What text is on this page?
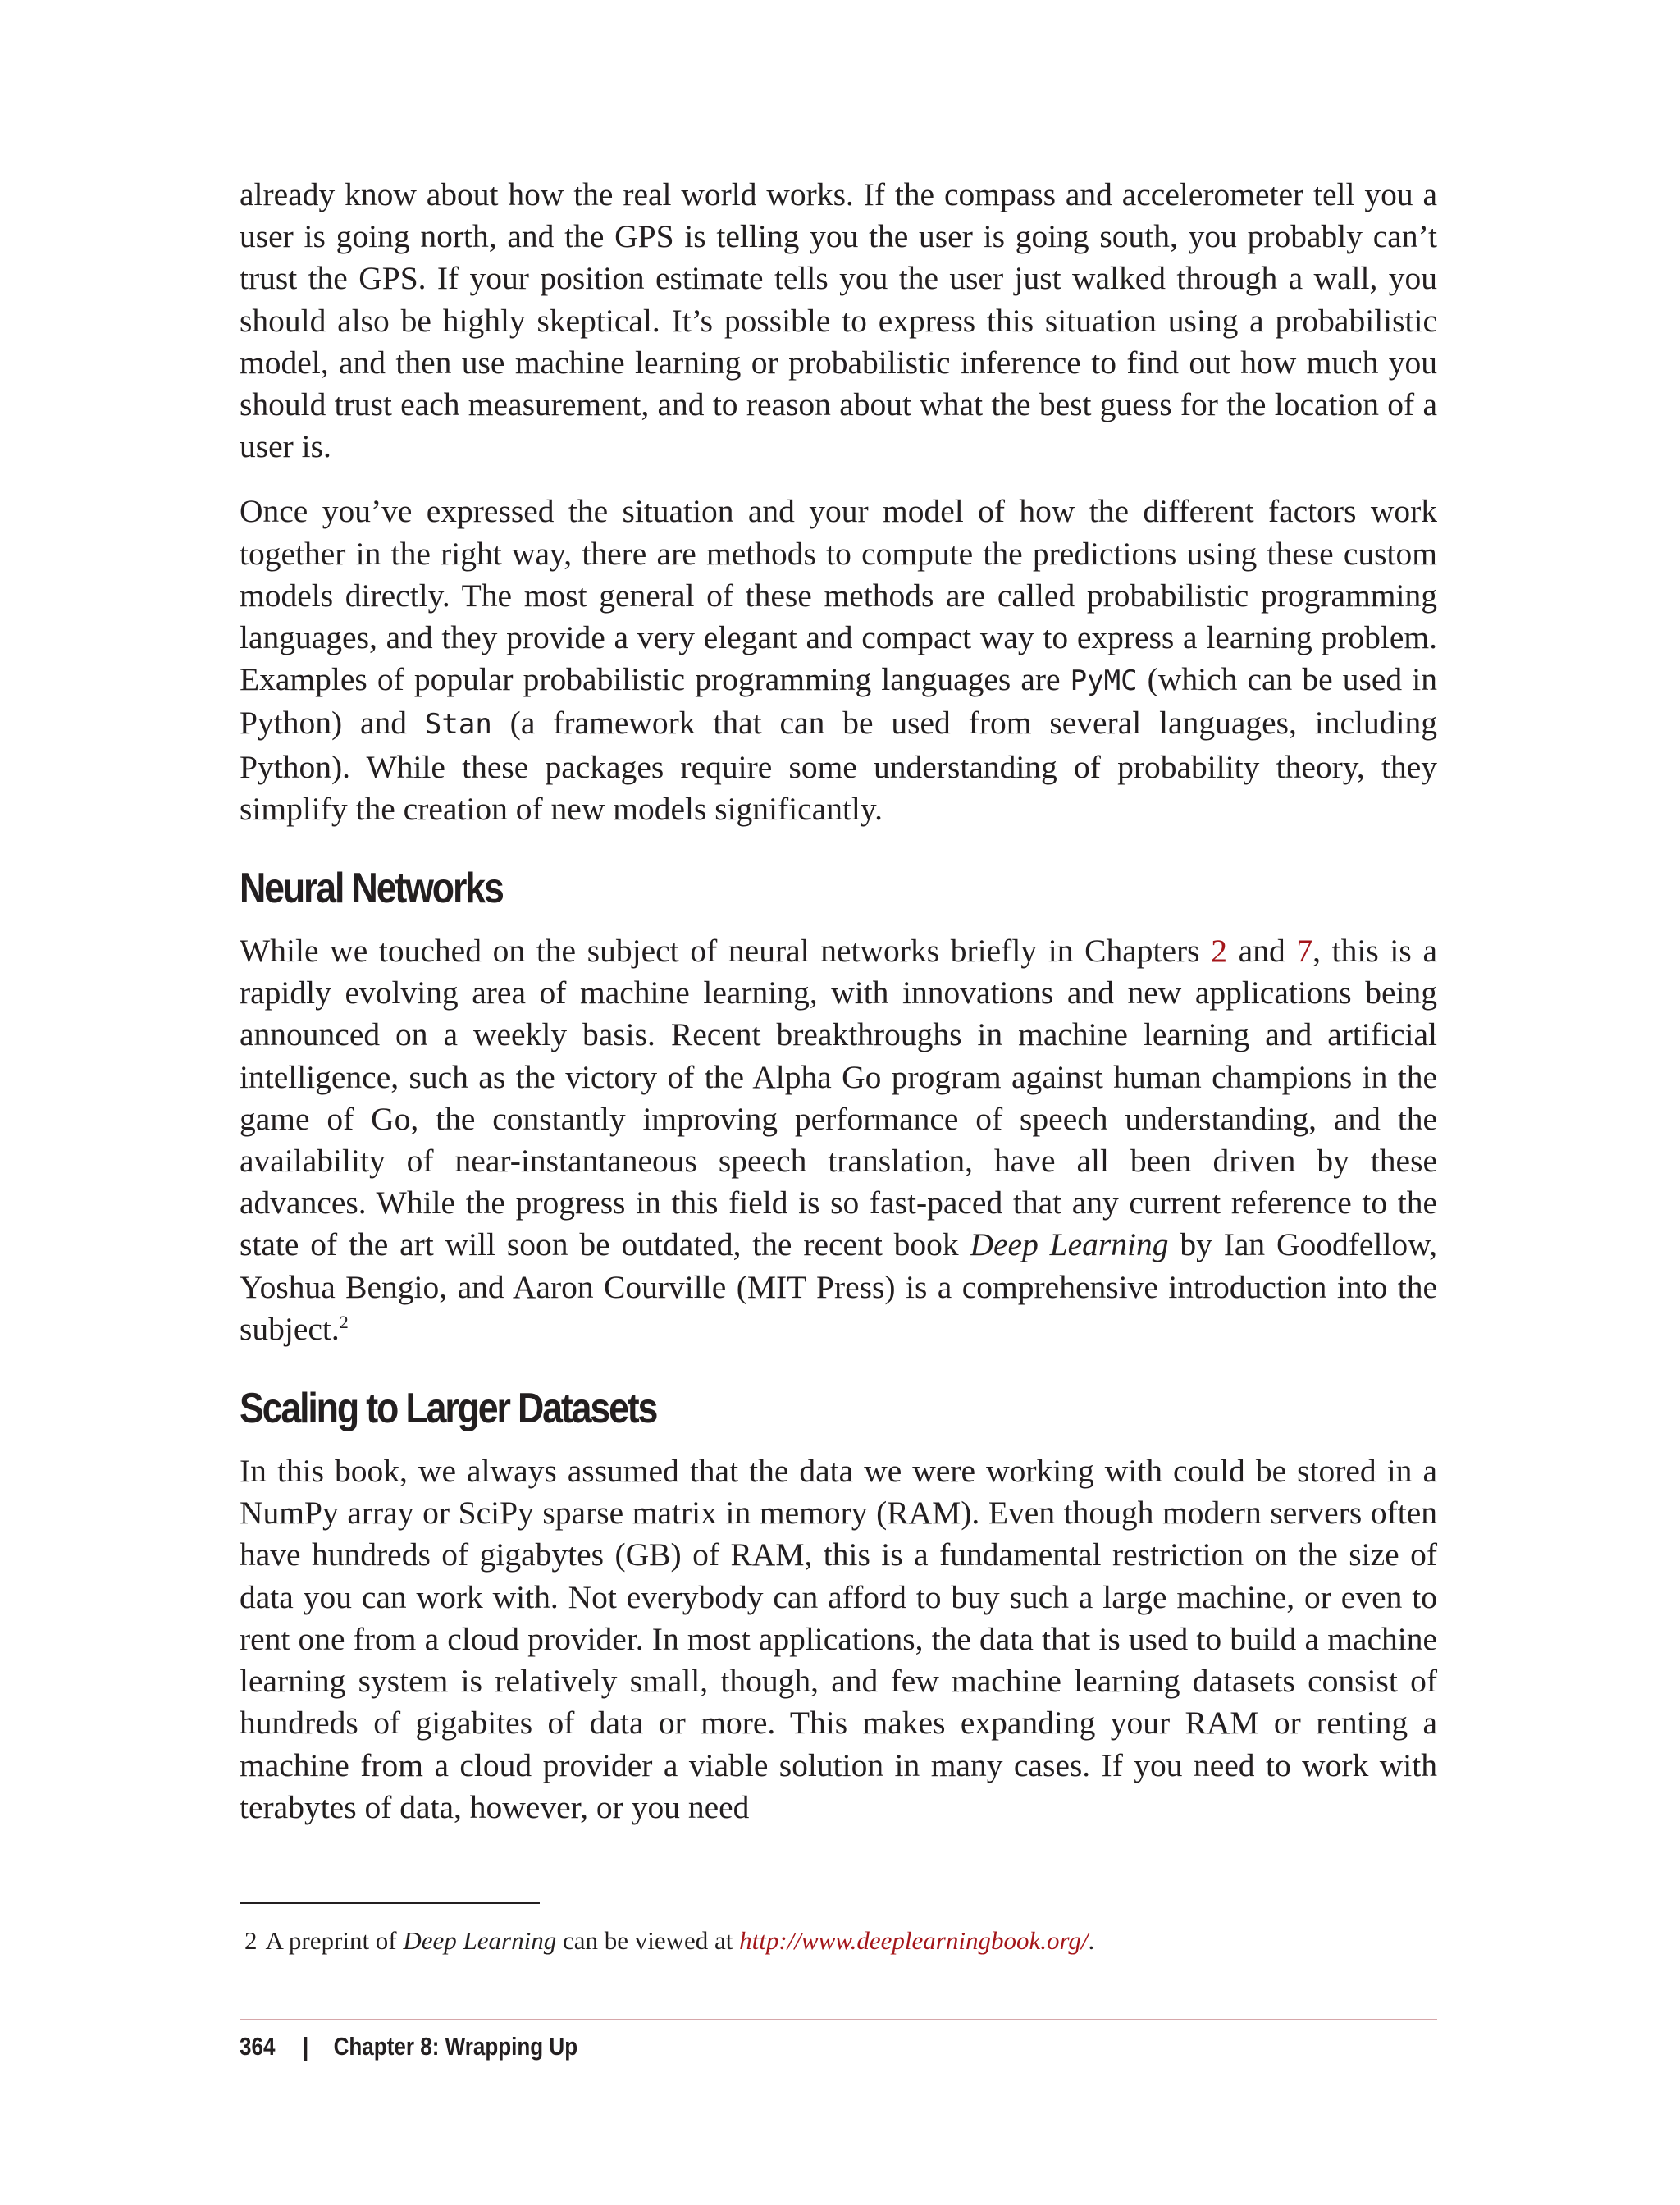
already know about how the real world works. If the compass and accelerometer tell you a user is going north, and the GPS is telling you the user is going south, you probably can’t trust the GPS. If your position estimate tells you the user just walked through a wall, you should also be highly skeptical. It’s possible to express this situation using a probabilistic model, and then use machine learning or probabilistic inference to find out how much you should trust each measurement, and to reason about what the best guess for the location of a user is.

Once you’ve expressed the situation and your model of how the different factors work together in the right way, there are methods to compute the predictions using these custom models directly. The most general of these methods are called probabilistic programming languages, and they provide a very elegant and compact way to express a learning problem. Examples of popular probabilistic programming languages are PyMC (which can be used in Python) and Stan (a framework that can be used from several languages, including Python). While these packages require some understanding of probability theory, they simplify the creation of new models significantly.

Neural Networks

While we touched on the subject of neural networks briefly in Chapters 2 and 7, this is a rapidly evolving area of machine learning, with innovations and new applications being announced on a weekly basis. Recent breakthroughs in machine learning and artificial intelligence, such as the victory of the Alpha Go program against human champions in the game of Go, the constantly improving performance of speech understanding, and the availability of near-instantaneous speech translation, have all been driven by these advances. While the progress in this field is so fast-paced that any current reference to the state of the art will soon be outdated, the recent book Deep Learning by Ian Goodfellow, Yoshua Bengio, and Aaron Courville (MIT Press) is a comprehensive introduction into the subject.$^2$

Scaling to Larger Datasets

In this book, we always assumed that the data we were working with could be stored in a NumPy array or SciPy sparse matrix in memory (RAM). Even though modern servers often have hundreds of gigabytes (GB) of RAM, this is a fundamental restriction on the size of data you can work with. Not everybody can afford to buy such a large machine, or even to rent one from a cloud provider. In most applications, the data that is used to build a machine learning system is relatively small, though, and few machine learning datasets consist of hundreds of gigabites of data or more. This makes expanding your RAM or renting a machine from a cloud provider a viable solution in many cases. If you need to work with terabytes of data, however, or you need

2 A preprint of Deep Learning can be viewed at http://www.deeplearningbook.org/.

364 | Chapter 8: Wrapping Up
